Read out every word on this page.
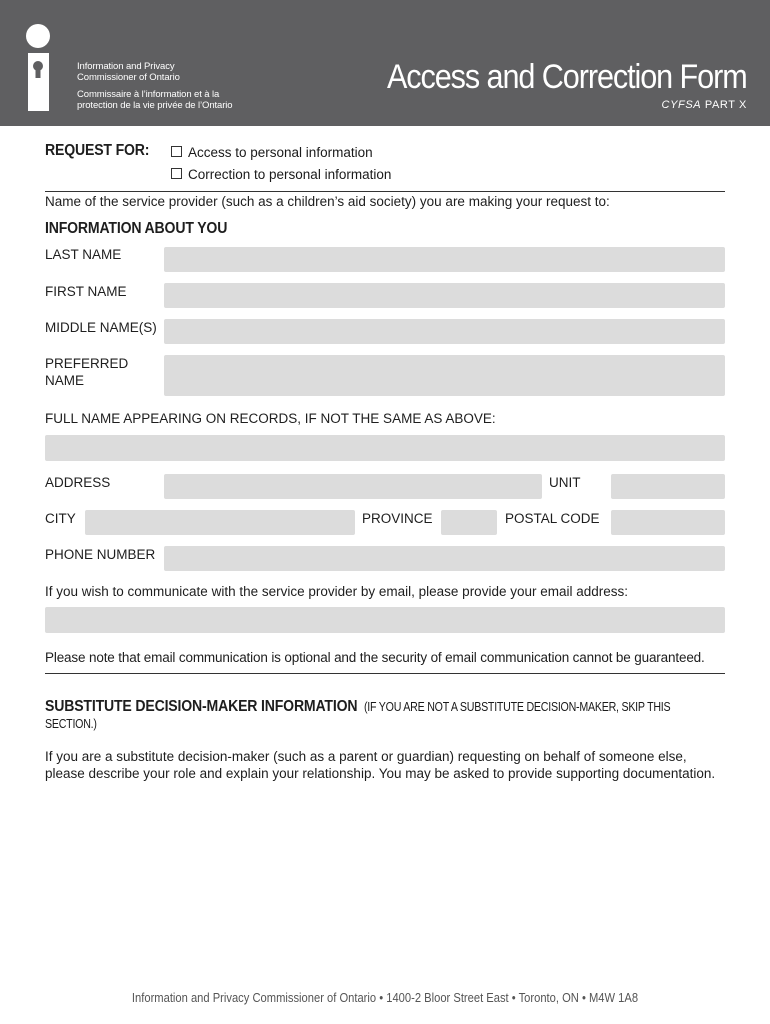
Information and Privacy
Commissioner of Ontario
Commissaire à l’information et à la
protection de la vie privée de l’Ontario
Access and Correction Form
CYFSA PART X
REQUEST FOR:	Access to personal information
Correction to personal information
Name of the service provider (such as a children’s aid society) you are making your request to:
INFORMATION ABOUT YOU
LAST NAME
FIRST NAME
MIDDLE NAME(S)
PREFERRED
NAME
FULL NAME APPEARING ON RECORDS, IF NOT THE SAME AS ABOVE:
ADDRESS	UNIT
CITY	PROVINCE	POSTAL CODE
PHONE NUMBER
If you wish to communicate with the service provider by email, please provide your email address:
Please note that email communication is optional and the security of email communication cannot be guaranteed.
SUBSTITUTE DECISION-MAKER INFORMATION (IF YOU ARE NOT A SUBSTITUTE DECISION-MAKER, SKIP THIS
SECTION.)
If you are a substitute decision-maker (such as a parent or guardian) requesting on behalf of someone else, please describe your role and explain your relationship. You may be asked to provide supporting documentation.
Information and Privacy Commissioner of Ontario • 1400-2 Bloor Street East • Toronto, ON • M4W 1A8
